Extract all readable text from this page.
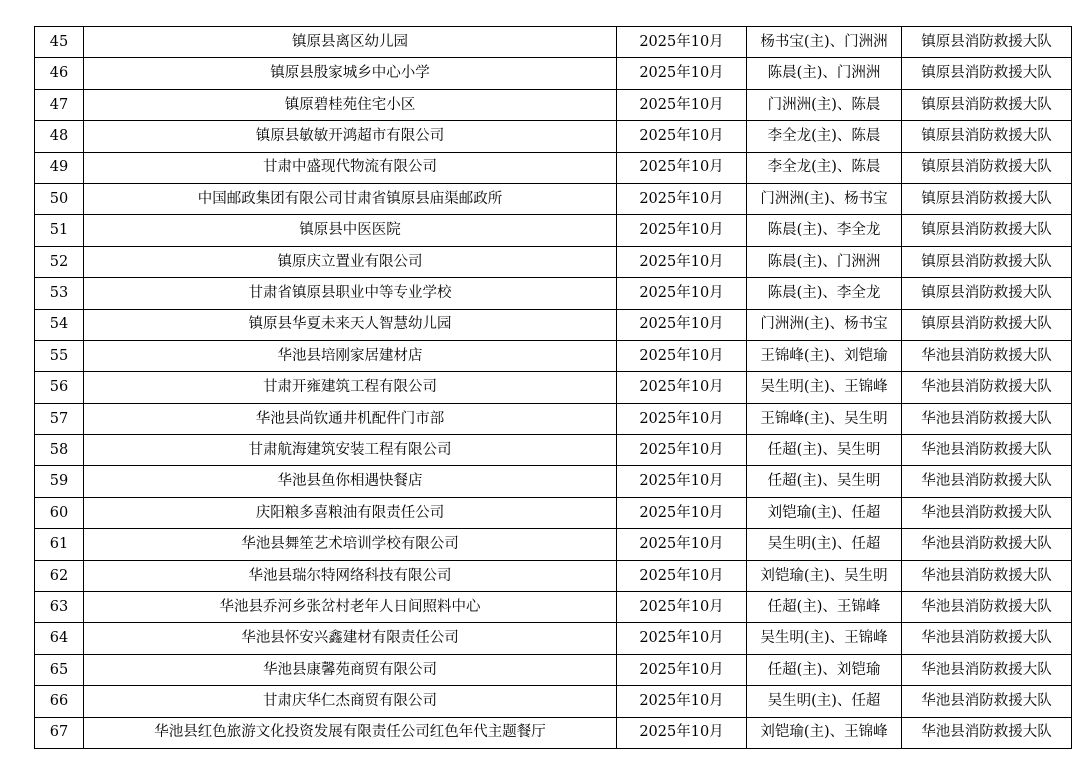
45	镇原县离区幼儿园	2025年10月	杨书宝(主)、门洲洲	镇原县消防救援大队
46	镇原县殷家城乡中心小学	2025年10月	陈晨(主)、门洲洲	镇原县消防救援大队
47	镇原碧桂苑住宅小区	2025年10月	门洲洲(主)、陈晨	镇原县消防救援大队
48	镇原县敏敏开鸿超市有限公司	2025年10月	李全龙(主)、陈晨	镇原县消防救援大队
49	甘肃中盛现代物流有限公司	2025年10月	李全龙(主)、陈晨	镇原县消防救援大队
50	中国邮政集团有限公司甘肃省镇原县庙渠邮政所	2025年10月	门洲洲(主)、杨书宝	镇原县消防救援大队
51	镇原县中医医院	2025年10月	陈晨(主)、李全龙	镇原县消防救援大队
52	镇原庆立置业有限公司	2025年10月	陈晨(主)、门洲洲	镇原县消防救援大队
53	甘肃省镇原县职业中等专业学校	2025年10月	陈晨(主)、李全龙	镇原县消防救援大队
54	镇原县华夏未来天人智慧幼儿园	2025年10月	门洲洲(主)、杨书宝	镇原县消防救援大队
55	华池县培刚家居建材店	2025年10月	王锦峰(主)、刘铠瑜	华池县消防救援大队
56	甘肃开雍建筑工程有限公司	2025年10月	吴生明(主)、王锦峰	华池县消防救援大队
57	华池县尚钦通井机配件门市部	2025年10月	王锦峰(主)、吴生明	华池县消防救援大队
58	甘肃航海建筑安装工程有限公司	2025年10月	任超(主)、吴生明	华池县消防救援大队
59	华池县鱼你相遇快餐店	2025年10月	任超(主)、吴生明	华池县消防救援大队
60	庆阳粮多喜粮油有限责任公司	2025年10月	刘铠瑜(主)、任超	华池县消防救援大队
61	华池县舞笙艺术培训学校有限公司	2025年10月	吴生明(主)、任超	华池县消防救援大队
62	华池县瑞尔特网络科技有限公司	2025年10月	刘铠瑜(主)、吴生明	华池县消防救援大队
63	华池县乔河乡张岔村老年人日间照料中心	2025年10月	任超(主)、王锦峰	华池县消防救援大队
64	华池县怀安兴鑫建材有限责任公司	2025年10月	吴生明(主)、王锦峰	华池县消防救援大队
65	华池县康馨苑商贸有限公司	2025年10月	任超(主)、刘铠瑜	华池县消防救援大队
66	甘肃庆华仁杰商贸有限公司	2025年10月	吴生明(主)、任超	华池县消防救援大队
67	华池县红色旅游文化投资发展有限责任公司红色年代主题餐厅	2025年10月	刘铠瑜(主)、王锦峰	华池县消防救援大队
